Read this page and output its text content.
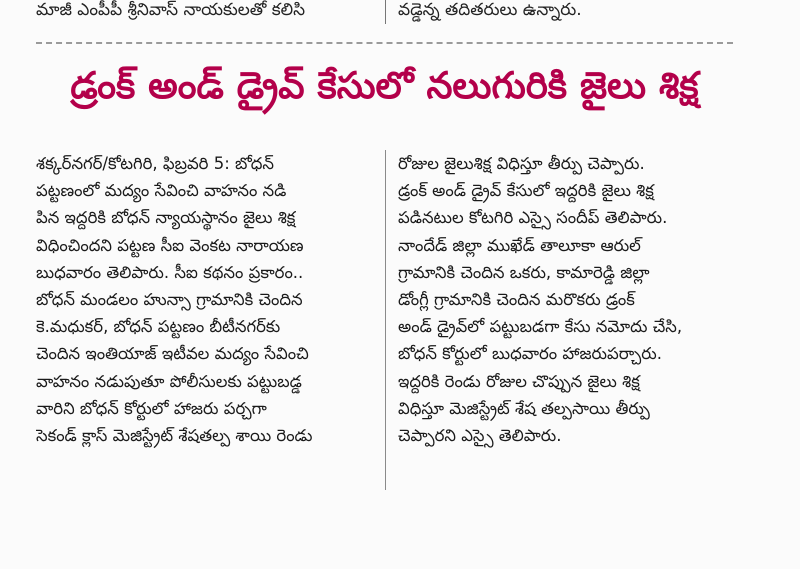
మాజీ ఎంపీపీ శ్రీనివాస్ నాయకులతో కలిసి	వడ్డెన్న తదితరులు ఉన్నారు.
డ్రంక్ అండ్ డ్రైవ్ కేసులో నలుగురికి జైలు శిక్ష
శక్కర్‌నగర్/కోటగిరి, ఫిబ్రవరి 5: బోధన్
పట్టణంలో మద్యం సేవించి వాహనం నడి
పిన ఇద్దరికి బోధన్ న్యాయస్థానం జైలు శిక్ష
విధించిందని పట్టణ సీఐ వెంకట నారాయణ
బుధవారం తెలిపారు. సీఐ కథనం ప్రకారం..
బోధన్ మండలం హున్సా గ్రామానికి చెందిన
కె.మధుకర్, బోధన్ పట్టణం బీటీనగర్‌కు
చెందిన ఇంతియాజ్ ఇటీవల మద్యం సేవించి
వాహనం నడుపుతూ పోలీసులకు పట్టుబడ్డ
వారిని బోధన్ కోర్టులో హాజరు పర్చగా
సెకండ్ క్లాస్ మెజిస్ట్రేట్ శేషతల్ప శాయి రెండు
రోజుల జైలుశిక్ష విధిస్తూ తీర్పు చెప్పారు.
డ్రంక్ అండ్ డ్రైవ్ కేసులో ఇద్దరికి జైలు శిక్ష
పడినటుల కోటగిరి ఎస్సై సందీప్ తెలిపారు.
నాందేడ్ జిల్లా ముఖేడ్ తాలూకా ఆరుల్
గ్రామానికి చెందిన ఒకరు, కామారెడ్డి జిల్లా
డోంగ్లీ గ్రామానికి చెందిన మరొకరు డ్రంక్
అండ్ డ్రైవ్‌లో పట్టుబడగా కేసు నమోదు చేసి,
బోధన్ కోర్టులో బుధవారం హాజరుపర్చారు.
ఇద్దరికి రెండు రోజుల చొప్పున జైలు శిక్ష
విధిస్తూ మెజిస్ట్రేట్ శేష తల్పసాయి తీర్పు
చెప్పారని ఎస్సై తెలిపారు.
